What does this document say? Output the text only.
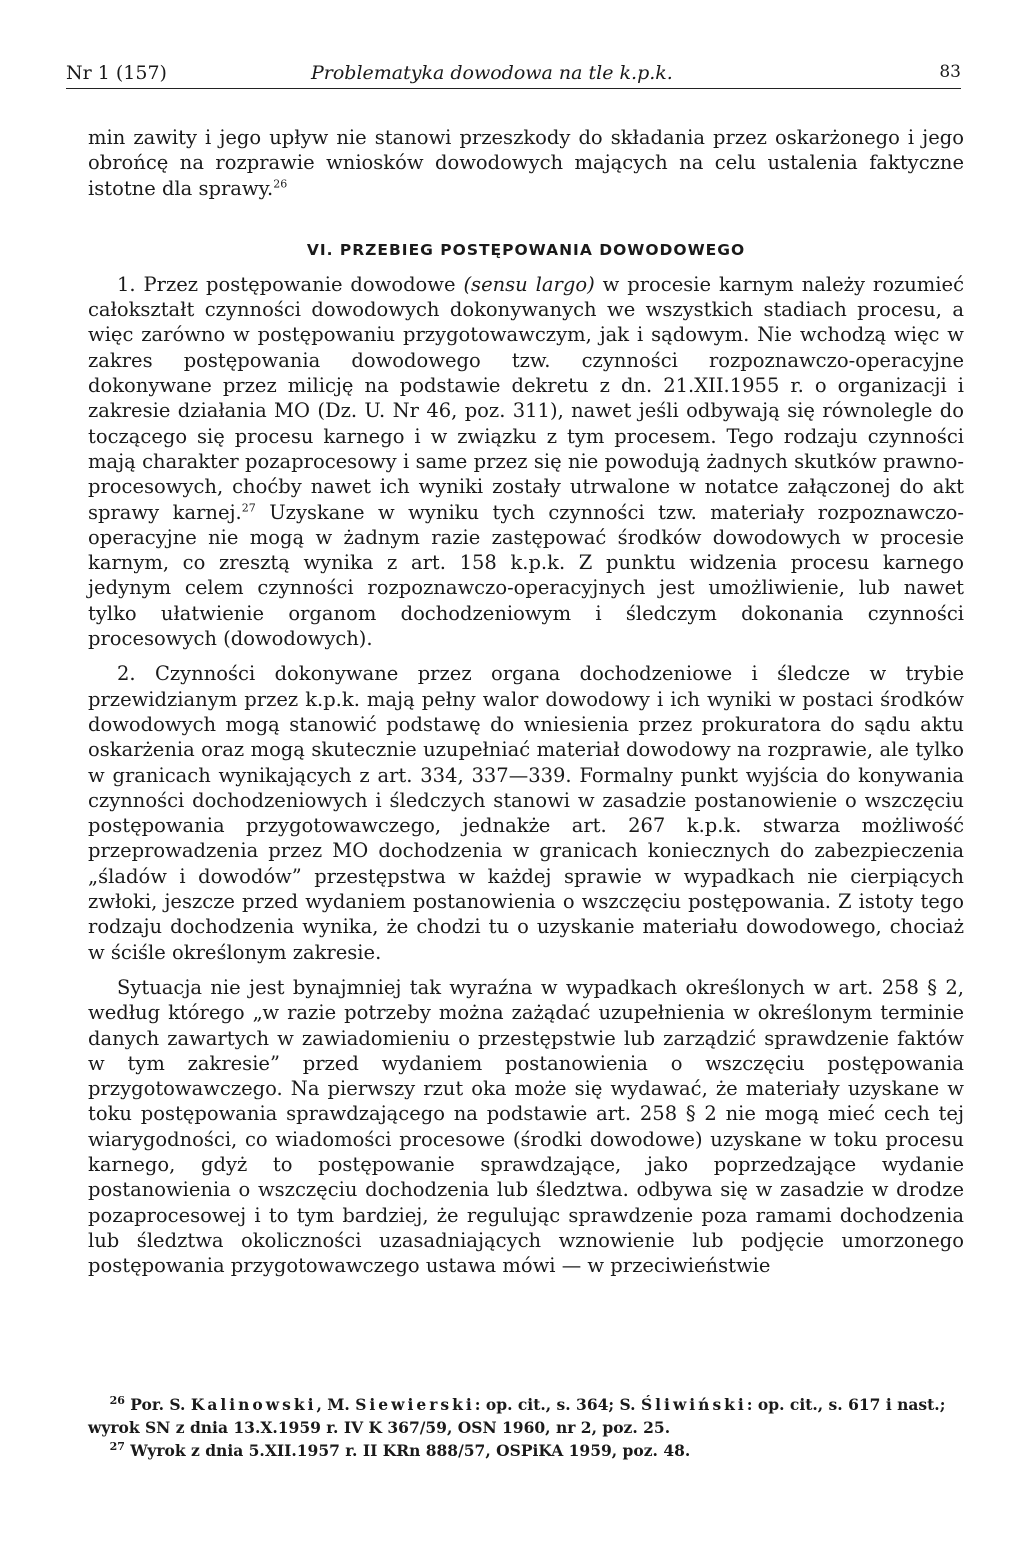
Nr 1 (157)	Problematyka dowodowa na tle k.p.k.	83

min zawity i jego upływ nie stanowi przeszkody do składania przez oskarżonego i jego obrońcę na rozprawie wniosków dowodowych mających na celu ustalenia faktyczne istotne dla sprawy.$^{26}$

VI. PRZEBIEG POSTĘPOWANIA DOWODOWEGO

1. Przez postępowanie dowodowe (sensu largo) w procesie karnym należy rozumieć całokształt czynności dowodowych dokonywanych we wszystkich stadiach procesu, a więc zarówno w postępowaniu przygotowawczym, jak i sądowym. Nie wchodzą więc w zakres postępowania dowodowego tzw. czynności rozpoznawczo-operacyjne dokonywane przez milicję na podstawie dekretu z dn. 21.XII.1955 r. o organizacji i zakresie działania MO (Dz. U. Nr 46, poz. 311), nawet jeśli odbywają się równolegle do toczącego się procesu karnego i w związku z tym procesem. Tego rodzaju czynności mają charakter pozaprocesowy i same przez się nie powodują żadnych skutków prawno-procesowych, choćby nawet ich wyniki zostały utrwalone w notatce załączonej do akt sprawy karnej.$^{27}$ Uzyskane w wyniku tych czynności tzw. materiały rozpoznawczo-operacyjne nie mogą w żadnym razie zastępować środków dowodowych w procesie karnym, co zresztą wynika z art. 158 k.p.k. Z punktu widzenia procesu karnego jedynym celem czynności rozpoznawczo-operacyjnych jest umożliwienie, lub nawet tylko ułatwienie organom dochodzeniowym i śledczym dokonania czynności procesowych (dowodowych).

2. Czynności dokonywane przez organa dochodzeniowe i śledcze w trybie przewidzianym przez k.p.k. mają pełny walor dowodowy i ich wyniki w postaci środków dowodowych mogą stanowić podstawę do wniesienia przez prokuratora do sądu aktu oskarżenia oraz mogą skutecznie uzupełniać materiał dowodowy na rozprawie, ale tylko w granicach wynikających z art. 334, 337—339. Formalny punkt wyjścia do konywania czynności dochodzeniowych i śledczych stanowi w zasadzie postanowienie o wszczęciu postępowania przygotowawczego, jednakże art. 267 k.p.k. stwarza możliwość przeprowadzenia przez MO dochodzenia w granicach koniecznych do zabezpieczenia „śladów i dowodów” przestępstwa w każdej sprawie w wypadkach nie cierpiących zwłoki, jeszcze przed wydaniem postanowienia o wszczęciu postępowania. Z istoty tego rodzaju dochodzenia wynika, że chodzi tu o uzyskanie materiału dowodowego, chociaż w ściśle określonym zakresie.

Sytuacja nie jest bynajmniej tak wyraźna w wypadkach określonych w art. 258 § 2, według którego „w razie potrzeby można zażądać uzupełnienia w określonym terminie danych zawartych w zawiadomieniu o przestępstwie lub zarządzić sprawdzenie faktów w tym zakresie” przed wydaniem postanowienia o wszczęciu postępowania przygotowawczego. Na pierwszy rzut oka może się wydawać, że materiały uzyskane w toku postępowania sprawdzającego na podstawie art. 258 § 2 nie mogą mieć cech tej wiarygodności, co wiadomości procesowe (środki dowodowe) uzyskane w toku procesu karnego, gdyż to postępowanie sprawdzające, jako poprzedzające wydanie postanowienia o wszczęciu dochodzenia lub śledztwa. odbywa się w zasadzie w drodze pozaprocesowej i to tym bardziej, że regulując sprawdzenie poza ramami dochodzenia lub śledztwa okoliczności uzasadniających wznowienie lub podjęcie umorzonego postępowania przygotowawczego ustawa mówi — w przeciwieństwie

$^{26}$ Por. S. Kalinowski, M. Siewierski: op. cit., s. 364; S. Śliwiński: op. cit., s. 617 i nast.; wyrok SN z dnia 13.X.1959 r. IV K 367/59, OSN 1960, nr 2, poz. 25.

$^{27}$ Wyrok z dnia 5.XII.1957 r. II KRn 888/57, OSPiKA 1959, poz. 48.
